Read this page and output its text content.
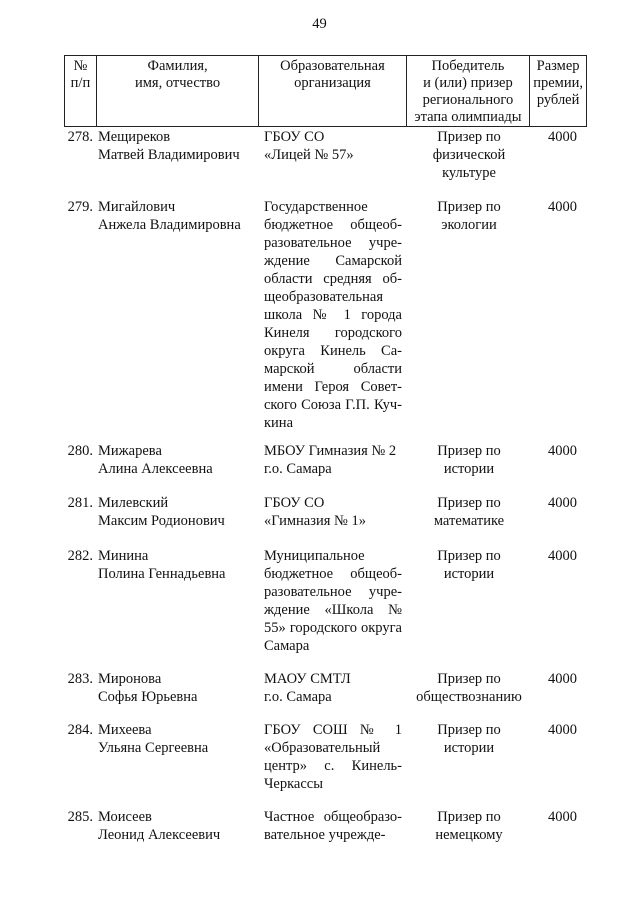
49
№
п/п
Фамилия,
имя, отчество
Образовательная
организация
Победитель
и (или) призер
регионального
этапа олимпиады
Размер
премии,
рублей
278. Мещиреков
Матвей Владимирович
ГБОУ СО
«Лицей № 57»
Призер по
физической
культуре
4000
279. Мигайлович
Анжела Владимировна
Государственное бюджетное общеоб-разовательное учре-ждение Самарской области средняя об-щеобразовательная школа № 1 города Кинеля городского округа Кинель Са-марской области имени Героя Совет-ского Союза Г.П. Куч-кина
Призер по
экологии
4000
280. Мижарева
Алина Алексеевна
МБОУ Гимназия № 2
г.о. Самара
Призер по
истории
4000
281. Милевский
Максим Родионович
ГБОУ СО
«Гимназия № 1»
Призер по
математике
4000
282. Минина
Полина Геннадьевна
Муниципальное бюджетное общеоб-разовательное учре-ждение «Школа № 55» городского округа Самара
Призер по
истории
4000
283. Миронова
Софья Юрьевна
МАОУ СМТЛ
г.о. Самара
Призер по
обществознанию
4000
284. Михеева
Ульяна Сергеевна
ГБОУ СОШ № 1 «Образовательный центр» с. Кинель-Черкассы
Призер по
истории
4000
285. Моисеев
Леонид Алексеевич
Частное общеобразо-вательное учрежде-
Призер по
немецкому
4000
